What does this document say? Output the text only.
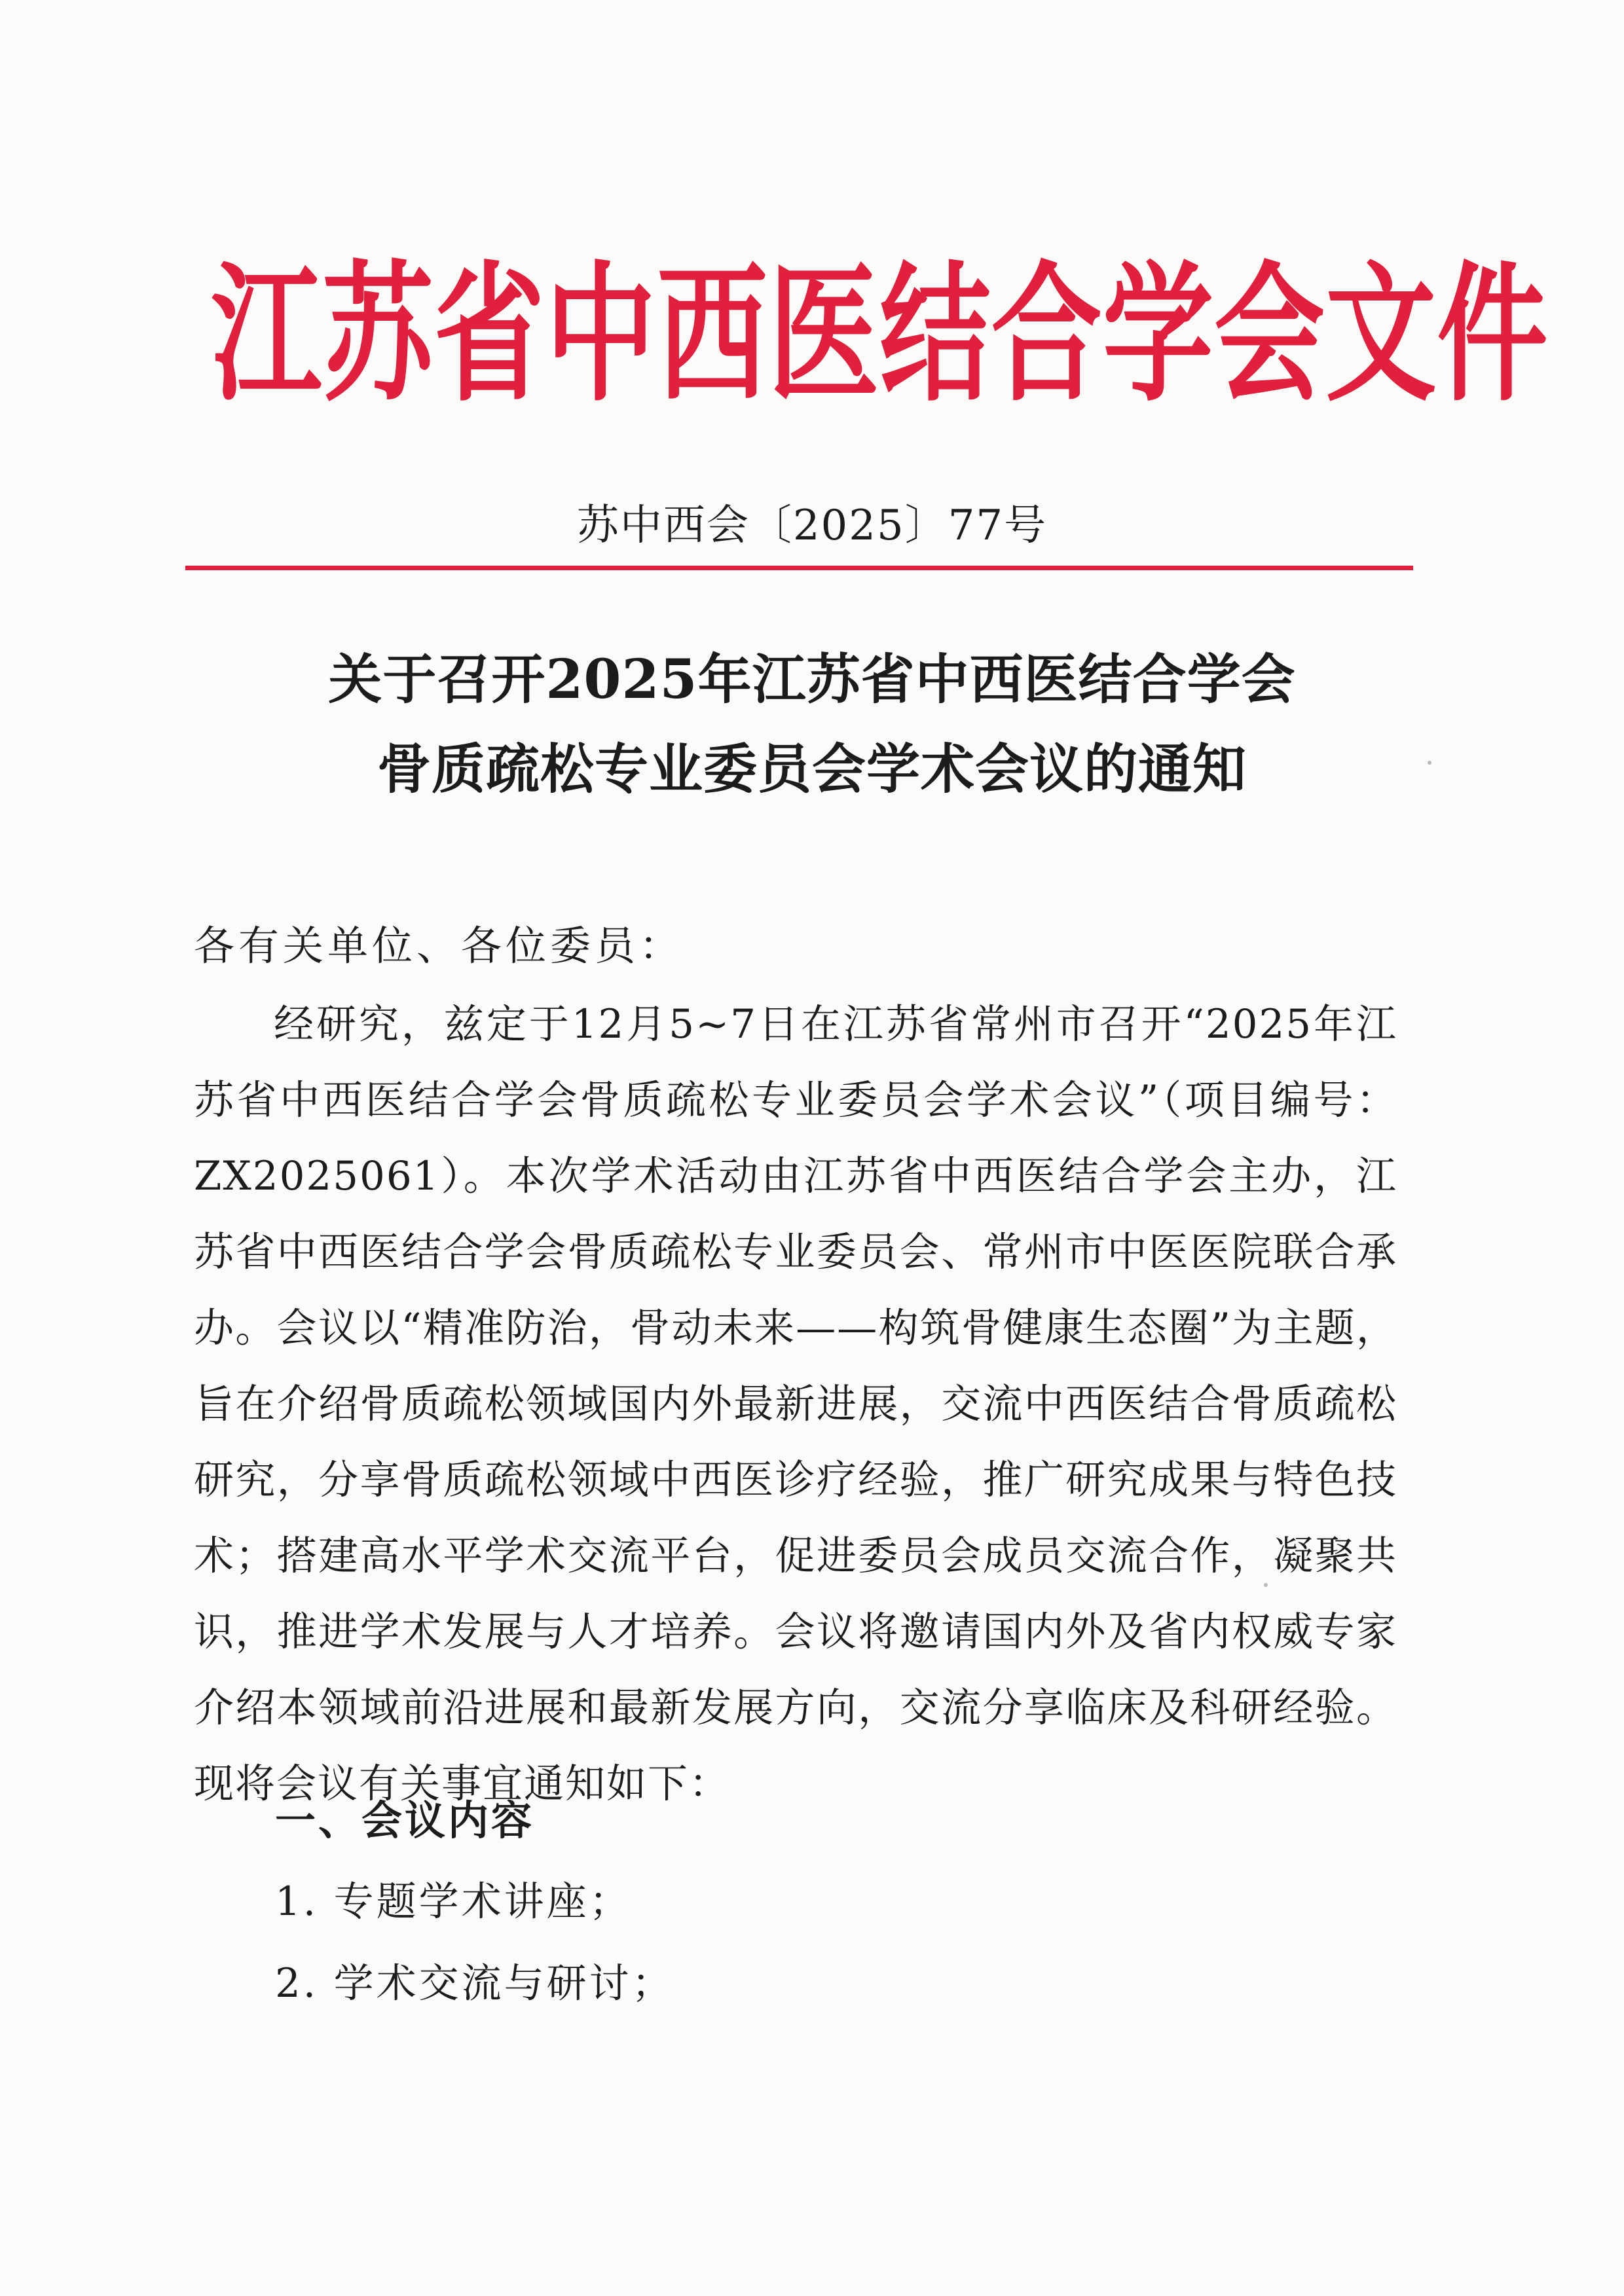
江苏省中西医结合学会文件
苏中西会〔2025〕77号
关于召开2025年江苏省中西医结合学会
骨质疏松专业委员会学术会议的通知
各有关单位、各位委员：
经研究，兹定于12月5~7日在江苏省常州市召开“2025年江苏省中西医结合学会骨质疏松专业委员会学术会议”（项目编号：ZX2025061）。本次学术活动由江苏省中西医结合学会主办，江苏省中西医结合学会骨质疏松专业委员会、常州市中医医院联合承办。会议以“精准防治，骨动未来——构筑骨健康生态圈”为主题，旨在介绍骨质疏松领域国内外最新进展，交流中西医结合骨质疏松研究，分享骨质疏松领域中西医诊疗经验，推广研究成果与特色技术；搭建高水平学术交流平台，促进委员会成员交流合作，凝聚共识，推进学术发展与人才培养。会议将邀请国内外及省内权威专家介绍本领域前沿进展和最新发展方向，交流分享临床及科研经验。现将会议有关事宜通知如下：
一、会议内容
1. 专题学术讲座；
2. 学术交流与研讨；
